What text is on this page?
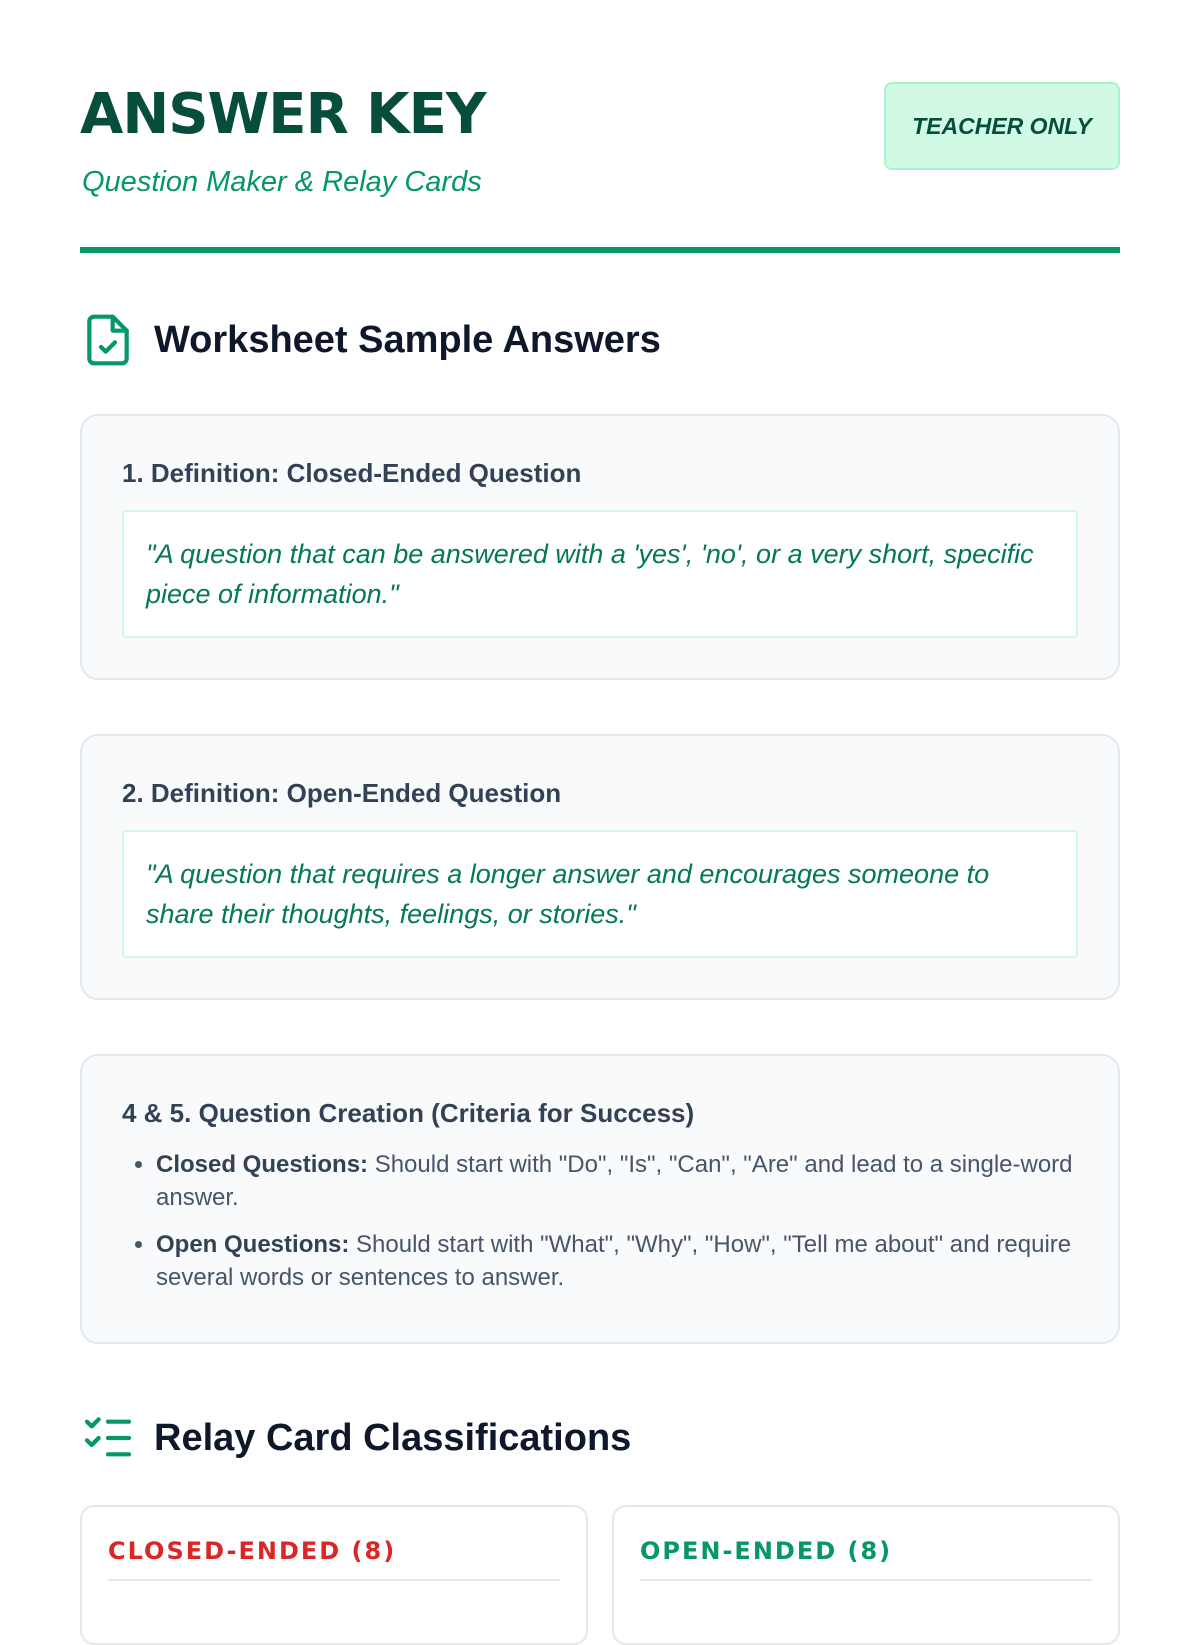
ANSWER KEY
Question Maker & Relay Cards
TEACHER ONLY
Worksheet Sample Answers
1. Definition: Closed-Ended Question
"A question that can be answered with a 'yes', 'no', or a very short, specific piece of information."
2. Definition: Open-Ended Question
"A question that requires a longer answer and encourages someone to share their thoughts, feelings, or stories."
4 & 5. Question Creation (Criteria for Success)
• Closed Questions: Should start with "Do", "Is", "Can", "Are" and lead to a single-word answer.
• Open Questions: Should start with "What", "Why", "How", "Tell me about" and require several words or sentences to answer.
Relay Card Classifications
CLOSED-ENDED (8)	OPEN-ENDED (8)
